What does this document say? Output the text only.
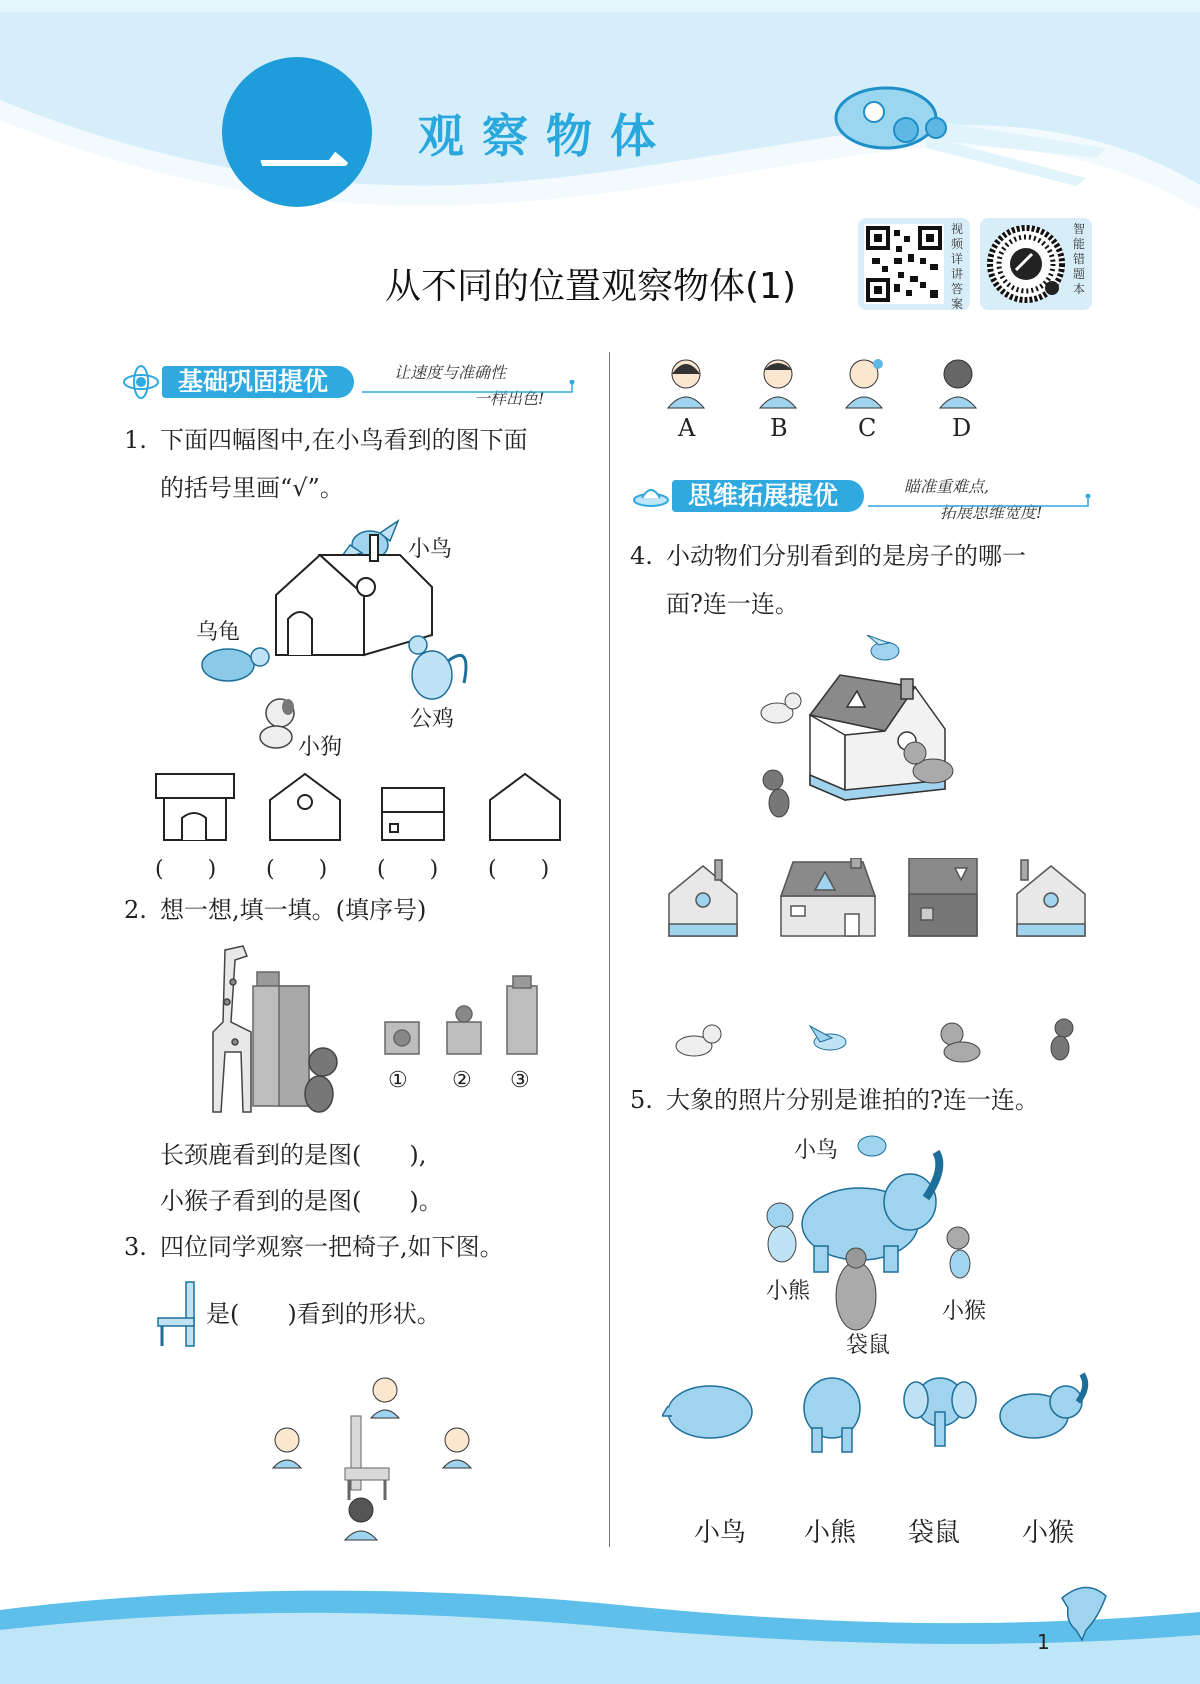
一 观察物体
从不同的位置观察物体(1)
视频详讲答案
智能错题本
基础巩固提优	让速度与准确性
一样出色!
1. 下面四幅图中,在小鸟看到的图下面
的括号里画“√”。
小鸟
乌龟
公鸡
小狗
(　　) (　　) (　　) (　　)
2. 想一想,填一填。(填序号)
① ② ③
长颈鹿看到的是图(　　),
小猴子看到的是图(　　)。
3. 四位同学观察一把椅子,如下图。
是(　　)看到的形状。
A	B	C	D
思维拓展提优	瞄准重难点,
拓展思维宽度!
4. 小动物们分别看到的是房子的哪一
面?连一连。
5. 大象的照片分别是谁拍的?连一连。
小鸟
小熊
小猴
袋鼠
小鸟 小熊 袋鼠 小猴
1
